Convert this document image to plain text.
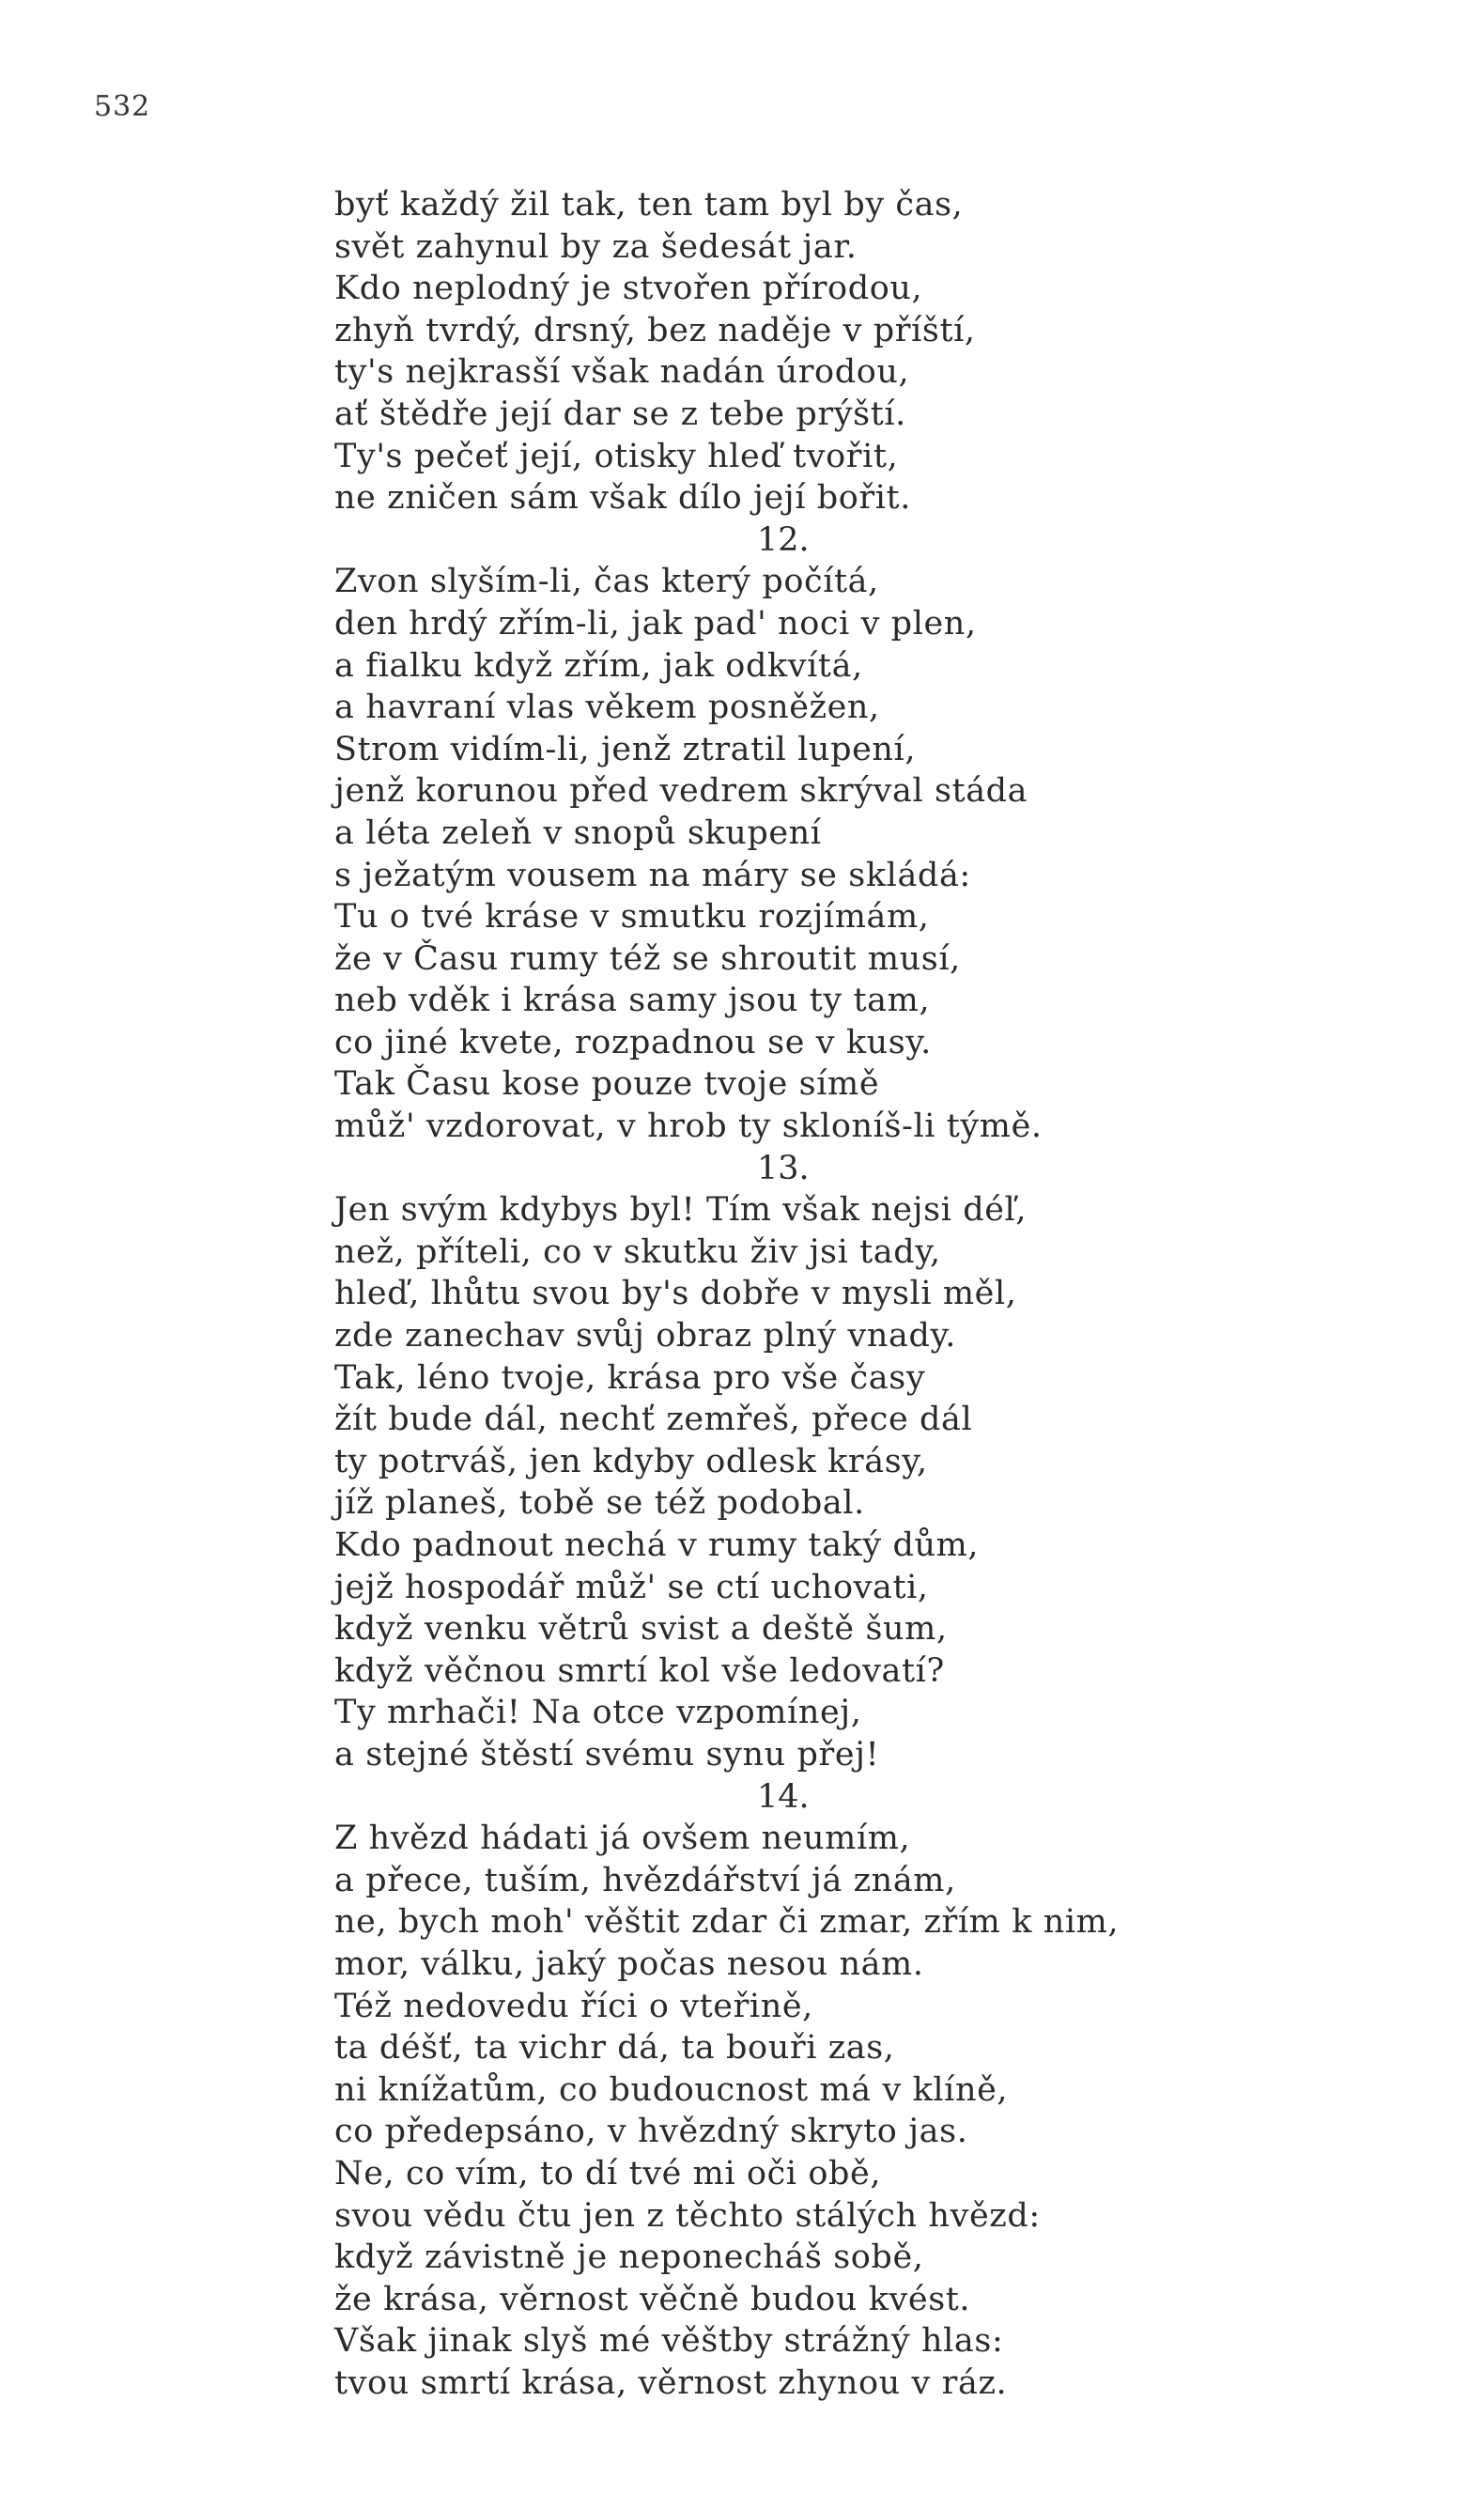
532
byť každý žil tak, ten tam byl by čas,
svět zahynul by za šedesát jar.
Kdo neplodný je stvořen přírodou,
zhyň tvrdý, drsný, bez naděje v příští,
ty's nejkrasší však nadán úrodou,
ať štědře její dar se z tebe prýští.
Ty's pečeť její, otisky hleď tvořit,
ne zničen sám však dílo její bořit.
12.
Zvon slyším-li, čas který počítá,
den hrdý zřím-li, jak pad' noci v plen,
a fialku když zřím, jak odkvítá,
a havraní vlas věkem posněžen,
Strom vidím-li, jenž ztratil lupení,
jenž korunou před vedrem skrýval stáda
a léta zeleň v snopů skupení
s ježatým vousem na máry se skládá:
Tu o tvé kráse v smutku rozjímám,
že v Času rumy též se shroutit musí,
neb vděk i krása samy jsou ty tam,
co jiné kvete, rozpadnou se v kusy.
Tak Času kose pouze tvoje símě
můž' vzdorovat, v hrob ty skloníš-li týmě.
13.
Jen svým kdybys byl! Tím však nejsi déľ,
než, příteli, co v skutku živ jsi tady,
hleď, lhůtu svou by's dobře v mysli měl,
zde zanechav svůj obraz plný vnady.
Tak, léno tvoje, krása pro vše časy
žít bude dál, nechť zemřeš, přece dál
ty potrváš, jen kdyby odlesk krásy,
jíž planeš, tobě se též podobal.
Kdo padnout nechá v rumy taký dům,
jejž hospodář můž' se ctí uchovati,
když venku větrů svist a deště šum,
když věčnou smrtí kol vše ledovatí?
Ty mrhači! Na otce vzpomínej,
a stejné štěstí svému synu přej!
14.
Z hvězd hádati já ovšem neumím,
a přece, tuším, hvězdářství já znám,
ne, bych moh' věštit zdar či zmar, zřím k nim,
mor, válku, jaký počas nesou nám.
Též nedovedu říci o vteřině,
ta déšť, ta vichr dá, ta bouři zas,
ni knížatům, co budoucnost má v klíně,
co předepsáno, v hvězdný skryto jas.
Ne, co vím, to dí tvé mi oči obě,
svou vědu čtu jen z těchto stálých hvězd:
když závistně je neponecháš sobě,
že krása, věrnost věčně budou kvést.
Však jinak slyš mé věštby strážný hlas:
tvou smrtí krása, věrnost zhynou v ráz.
